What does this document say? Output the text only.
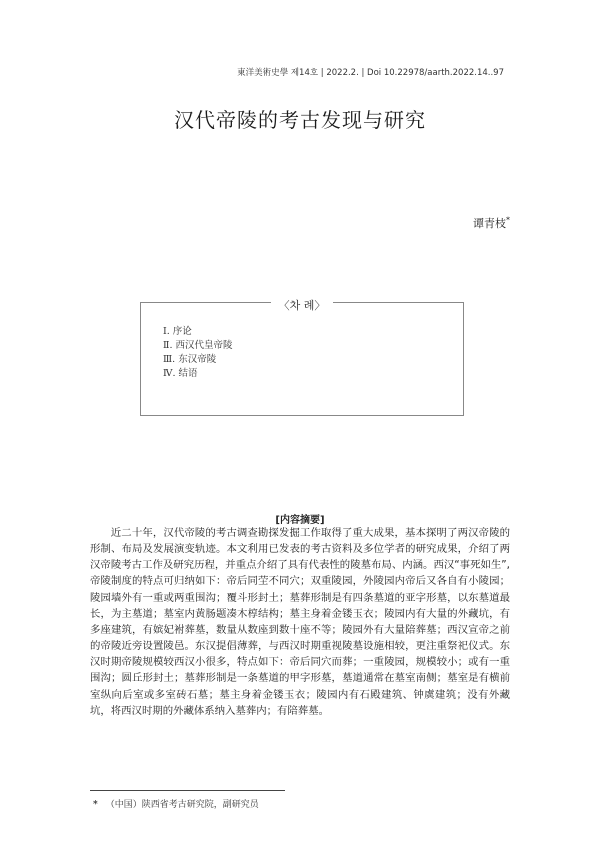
東洋美術史學 제14호 | 2022.2. | Doi 10.22978/aarth.2022.14..97
汉代帝陵的考古发现与研究
谭青枝*
〈차 례〉
Ⅰ. 序论
Ⅱ. 西汉代皇帝陵
Ⅲ. 东汉帝陵
Ⅳ. 结语
[内容摘要]

近二十年，汉代帝陵的考古调查勘探发掘工作取得了重大成果，基本探明了两汉帝陵的形制、布局及发展演变轨迹。本文利用已发表的考古资料及多位学者的研究成果，介绍了两汉帝陵考古工作及研究历程，并重点介绍了具有代表性的陵墓布局、内涵。西汉“事死如生”,帝陵制度的特点可归纳如下：帝后同茔不同穴；双重陵园，外陵园内帝后又各自有小陵园；陵园墙外有一重或两重围沟；覆斗形封土；墓葬形制是有四条墓道的亚字形墓，以东墓道最长，为主墓道；墓室内黄肠题凑木椁结构；墓主身着金镂玉衣；陵园内有大量的外藏坑，有多座建筑，有嫔妃袝葬墓，数量从数座到数十座不等；陵园外有大量陪葬墓；西汉宣帝之前的帝陵近旁设置陵邑。东汉提倡薄葬，与西汉时期重视陵墓设施相较，更注重祭祀仪式。东汉时期帝陵规模较西汉小很多，特点如下：帝后同穴而葬；一重陵园，规模较小；或有一重围沟；圆丘形封土；墓葬形制是一条墓道的甲字形墓，墓道通常在墓室南侧；墓室是有横前室纵向后室或多室砖石墓；墓主身着金镂玉衣；陵园内有石殿建筑、钟虡建筑；没有外藏坑，将西汉时期的外藏体系纳入墓葬内；有陪葬墓。

* （中国）陕西省考古研究院，副研究员
